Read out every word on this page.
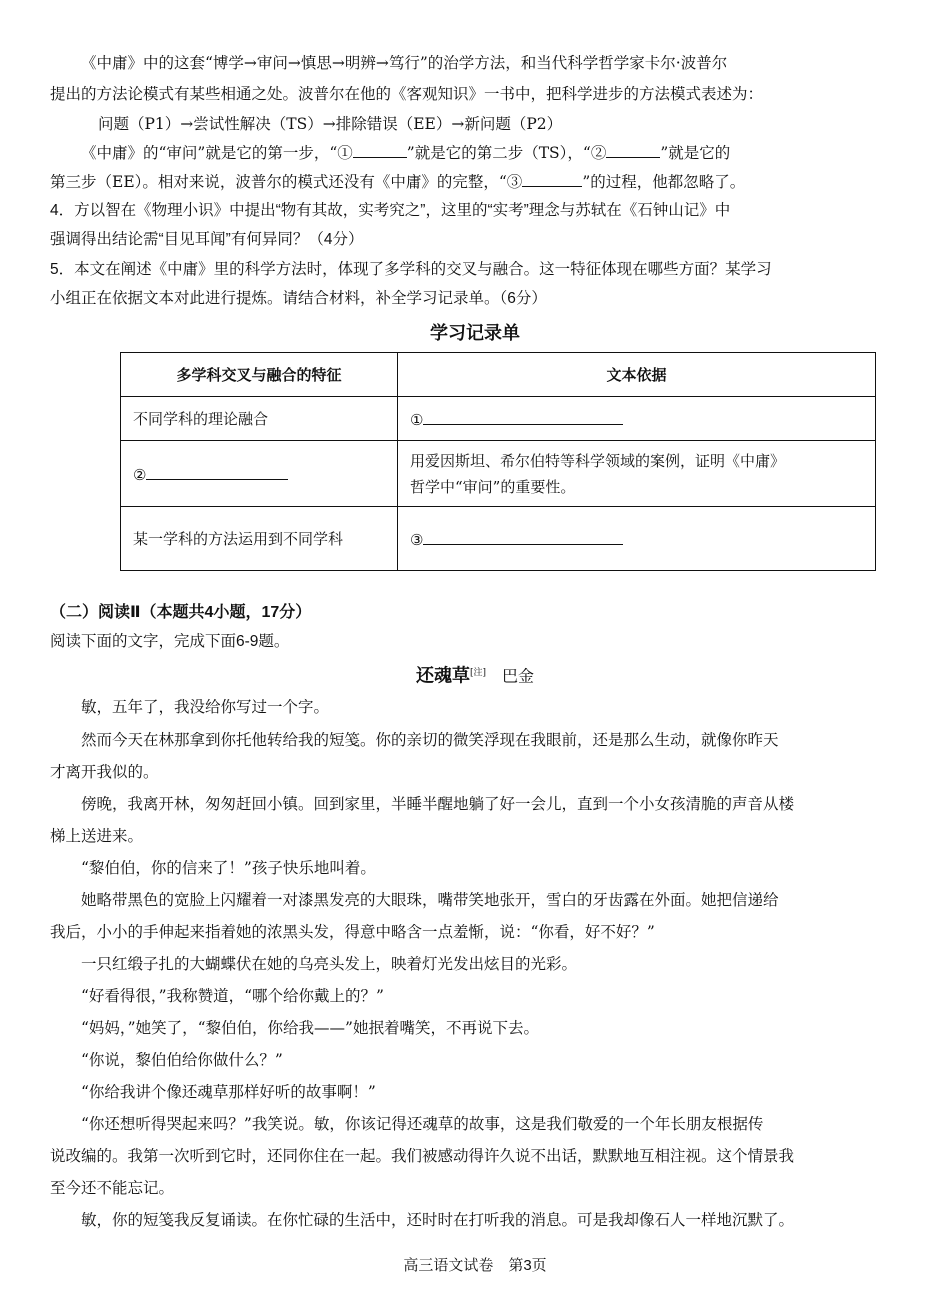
《中庸》中的这套“博学→审问→慎思→明辨→笃行”的治学方法，和当代科学哲学家卡尔·波普尔
提出的方法论模式有某些相通之处。波普尔在他的《客观知识》一书中，把科学进步的方法模式表述为：
问题（P1）→尝试性解决（TS）→排除错误（EE）→新问题（P2）
《中庸》的“审问”就是它的第一步，“①	”就是它的第二步（TS），“②	”就是它的
第三步（EE）。相对来说，波普尔的模式还没有《中庸》的完整，“③	”的过程，他都忽略了。
4．方以智在《物理小识》中提出“物有其故，实考究之”，这里的“实考”理念与苏轼在《石钟山记》中
强调得出结论需“目见耳闻”有何异同？（4分）
5．本文在阐述《中庸》里的科学方法时，体现了多学科的交叉与融合。这一特征体现在哪些方面？某学习
小组正在依据文本对此进行提炼。请结合材料，补全学习记录单。（6分）
学习记录单
多学科交叉与融合的特征	文本依据
不同学科的理论融合	①
②	用爱因斯坦、希尔伯特等科学领域的案例，证明《中庸》
哲学中“审问”的重要性。
某一学科的方法运用到不同学科	③
（二）阅读Ⅱ（本题共4小题，17分）
阅读下面的文字，完成下面6-9题。
还魂草[注]　 巴金
敏，五年了，我没给你写过一个字。
然而今天在林那拿到你托他转给我的短笺。你的亲切的微笑浮现在我眼前，还是那么生动，就像你昨天
才离开我似的。
傍晚，我离开林，匆匆赶回小镇。回到家里，半睡半醒地躺了好一会儿，直到一个小女孩清脆的声音从楼
梯上送进来。
“黎伯伯，你的信来了！”孩子快乐地叫着。
她略带黑色的宽脸上闪耀着一对漆黑发亮的大眼珠，嘴带笑地张开，雪白的牙齿露在外面。她把信递给
我后，小小的手伸起来指着她的浓黑头发，得意中略含一点羞惭，说：“你看，好不好？”
一只红缎子扎的大蝴蝶伏在她的乌亮头发上，映着灯光发出炫目的光彩。
“好看得很，”我称赞道，“哪个给你戴上的？”
“妈妈，”她笑了，“黎伯伯，你给我——”她抿着嘴笑，不再说下去。
“你说，黎伯伯给你做什么？”
“你给我讲个像还魂草那样好听的故事啊！”
“你还想听得哭起来吗？”我笑说。敏，你该记得还魂草的故事，这是我们敬爱的一个年长朋友根据传
说改编的。我第一次听到它时，还同你住在一起。我们被感动得许久说不出话，默默地互相注视。这个情景我
至今还不能忘记。
敏，你的短笺我反复诵读。在你忙碌的生活中，还时时在打听我的消息。可是我却像石人一样地沉默了。
高三语文试卷　第3页
